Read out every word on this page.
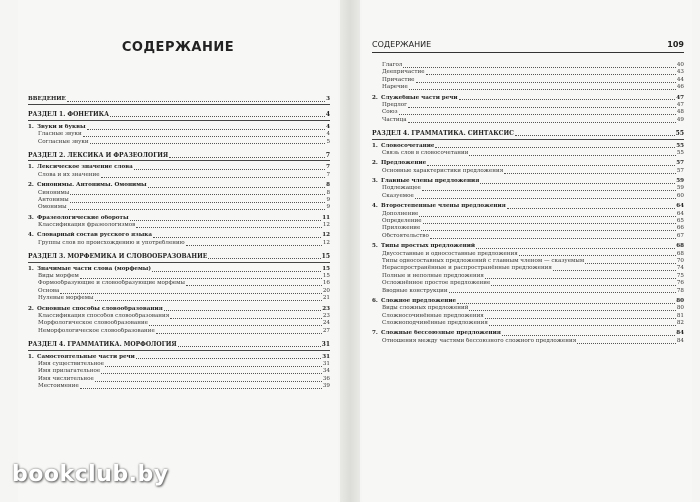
СОДЕРЖАНИЕ
ВВЕДЕНИЕ	3
РАЗДЕЛ 1. ФОНЕТИКА	4
1. Звуки и буквы	4
Гласные звуки	4
Согласные звуки	5
РАЗДЕЛ 2. ЛЕКСИКА И ФРАЗЕОЛОГИЯ	7
1. Лексическое значение слова	7
Слова и их значение	7
2. Синонимы. Антонимы. Омонимы	8
Синонимы	8
Антонимы	9
Омонимы	9
3. Фразеологические обороты	11
Классификация фразеологизмов	12
4. Словарный состав русского языка	12
Группы слов по происхождению и употреблению	12
РАЗДЕЛ 3. МОРФЕМИКА И СЛОВООБРАЗОВАНИЕ	15
1. Значимые части слова (морфемы)	15
Виды морфем	15
Формообразующие и словообразующие морфемы	16
Основа	20
Нулевые морфемы	21
2. Основные способы словообразования	23
Классификация способов словообразования	23
Морфологическое словообразование	24
Неморфологическое словообразование	27
РАЗДЕЛ 4. ГРАММАТИКА. МОРФОЛОГИЯ	31
1. Самостоятельные части речи	31
Имя существительное	31
Имя прилагательное	34
Имя числительное	36
Местоимение	39
СОДЕРЖАНИЕ	109
Глагол	40
Деепричастие	43
Причастие	44
Наречие	46
2. Служебные части речи	47
Предлог	47
Союз	48
Частица	49
РАЗДЕЛ 4. ГРАММАТИКА. СИНТАКСИС	55
1. Словосочетание	55
Связь слов в словосочетании	55
2. Предложение	57
Основные характеристики предложения	57
3. Главные члены предложения	59
Подлежащее	59
Сказуемое	60
4. Второстепенные члены предложения	64
Дополнение	64
Определение	65
Приложение	66
Обстоятельство	67
5. Типы простых предложений	68
Двусоставные и односоставные предложения	68
Типы односоставных предложений с главным членом — сказуемым	70
Нераспространённые и распространённые предложения	74
Полные и неполные предложения	75
Осложнённое простое предложение	76
Вводные конструкции	78
6. Сложное предложение	80
Виды сложных предложений	80
Сложносочинённые предложения	81
Сложноподчинённые предложения	82
7. Сложные бессоюзные предложения	84
Отношения между частями бессоюзного сложного предложения	84
bookclub.by
